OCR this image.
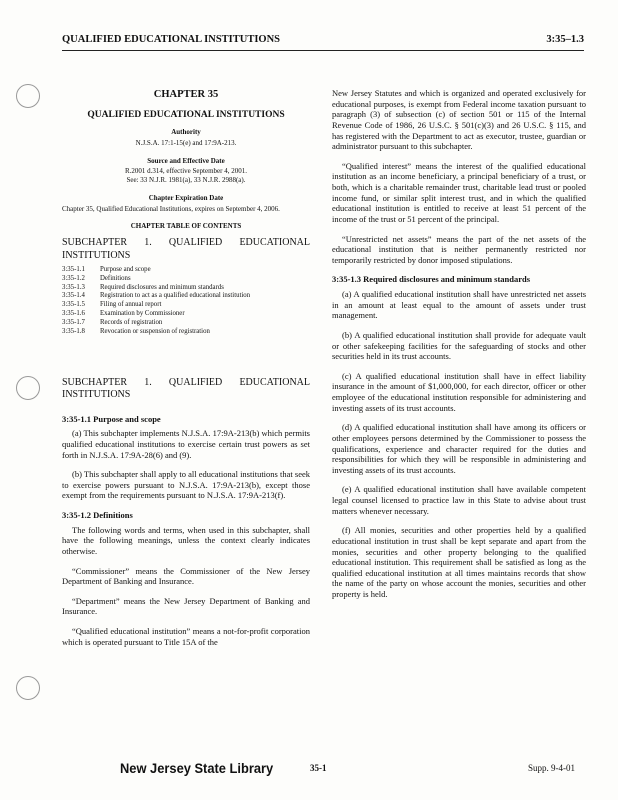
QUALIFIED EDUCATIONAL INSTITUTIONS	3:35–1.3
CHAPTER 35
QUALIFIED EDUCATIONAL INSTITUTIONS

Authority

N.J.S.A. 17:1-15(e) and 17:9A-213.

Source and Effective Date

R.2001 d.314, effective September 4, 2001.

See: 33 N.J.R. 1981(a), 33 N.J.R. 2988(a).

Chapter Expiration Date

Chapter 35, Qualified Educational Institutions, expires on September 4, 2006.

CHAPTER TABLE OF CONTENTS

SUBCHAPTER 1. QUALIFIED EDUCATIONAL INSTITUTIONS

3:35-1.1	Purpose and scope
3:35-1.2	Definitions
3:35-1.3	Required disclosures and minimum standards
3:35-1.4	Registration to act as a qualified educational institution
3:35-1.5	Filing of annual report
3:35-1.6	Examination by Commissioner
3:35-1.7	Records of registration
3:35-1.8	Revocation or suspension of registration

SUBCHAPTER 1. QUALIFIED EDUCATIONAL INSTITUTIONS

3:35-1.1 Purpose and scope

(a) This subchapter implements N.J.S.A. 17:9A-213(b) which permits qualified educational institutions to exercise certain trust powers as set forth in N.J.S.A. 17:9A-28(6) and (9).

(b) This subchapter shall apply to all educational institutions that seek to exercise powers pursuant to N.J.S.A. 17:9A-213(b), except those exempt from the requirements pursuant to N.J.S.A. 17:9A-213(f).

3:35-1.2 Definitions

The following words and terms, when used in this subchapter, shall have the following meanings, unless the context clearly indicates otherwise.

“Commissioner” means the Commissioner of the New Jersey Department of Banking and Insurance.

“Department” means the New Jersey Department of Banking and Insurance.

“Qualified educational institution” means a not-for-profit corporation which is operated pursuant to Title 15A of the

New Jersey Statutes and which is organized and operated exclusively for educational purposes, is exempt from Federal income taxation pursuant to paragraph (3) of subsection (c) of section 501 or 115 of the Internal Revenue Code of 1986, 26 U.S.C. § 501(c)(3) and 26 U.S.C. § 115, and has registered with the Department to act as executor, trustee, guardian or administrator pursuant to this subchapter.

“Qualified interest” means the interest of the qualified educational institution as an income beneficiary, a principal beneficiary of a trust, or both, which is a charitable remainder trust, charitable lead trust or pooled income fund, or similar split interest trust, and in which the qualified educational institution is entitled to receive at least 51 percent of the income of the trust or 51 percent of the principal.

“Unrestricted net assets” means the part of the net assets of the educational institution that is neither permanently restricted nor temporarily restricted by donor imposed stipulations.

3:35-1.3 Required disclosures and minimum standards

(a) A qualified educational institution shall have unrestricted net assets in an amount at least equal to the amount of assets under trust management.

(b) A qualified educational institution shall provide for adequate vault or other safekeeping facilities for the safeguarding of stocks and other securities held in its trust accounts.

(c) A qualified educational institution shall have in effect liability insurance in the amount of $1,000,000, for each director, officer or other employee of the educational institution responsible for administering and investing assets of its trust accounts.

(d) A qualified educational institution shall have among its officers or other employees persons determined by the Commissioner to possess the qualifications, experience and character required for the duties and responsibilities for which they will be responsible in administering and investing assets of its trust accounts.

(e) A qualified educational institution shall have available competent legal counsel licensed to practice law in this State to advise about trust matters whenever necessary.

(f) All monies, securities and other properties held by a qualified educational institution in trust shall be kept separate and apart from the monies, securities and other property belonging to the qualified educational institution. This requirement shall be satisfied as long as the qualified educational institution at all times maintains records that show the name of the party on whose account the monies, securities and other property is held.

New Jersey State Library	35-1	Supp. 9-4-01
